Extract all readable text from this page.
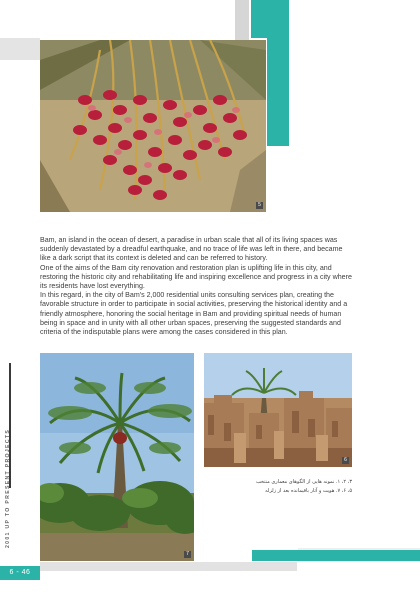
5

Bam, an island in the ocean of desert, a paradise in urban scale that all of its living spaces was suddenly devastated by a dreadful earthquake, and no trace of life was left in there, and became like a dark script that its context is deleted and can be referred to history.

One of the aims of the Bam city renovation and restoration plan is uplifting life in this city, and restoring the historic city and rehabilitating life and inspiring excellence and progress in a city where its residents have lost everything.

In this regard, in the city of Bam's 2,000 residential units consulting services plan, creating the favorable structure in order to participate in social activities, preserving the historical identity and a friendly atmosphere, honoring the social heritage in Bam and providing spiritual needs of human being in space and in unity with all other urban spaces, preserving the suggested standards and criteria of the indisputable plans were among the cases considered in this plan.

7
6
۳، ۲، ۱. نمونه هایی از الگوهای معماری منتخب
۵، ۶، ۷. هویت و آثار باقیمانده بعد از زلزله
2001 UP TO PRESENT PROJECTS
6 - 46
